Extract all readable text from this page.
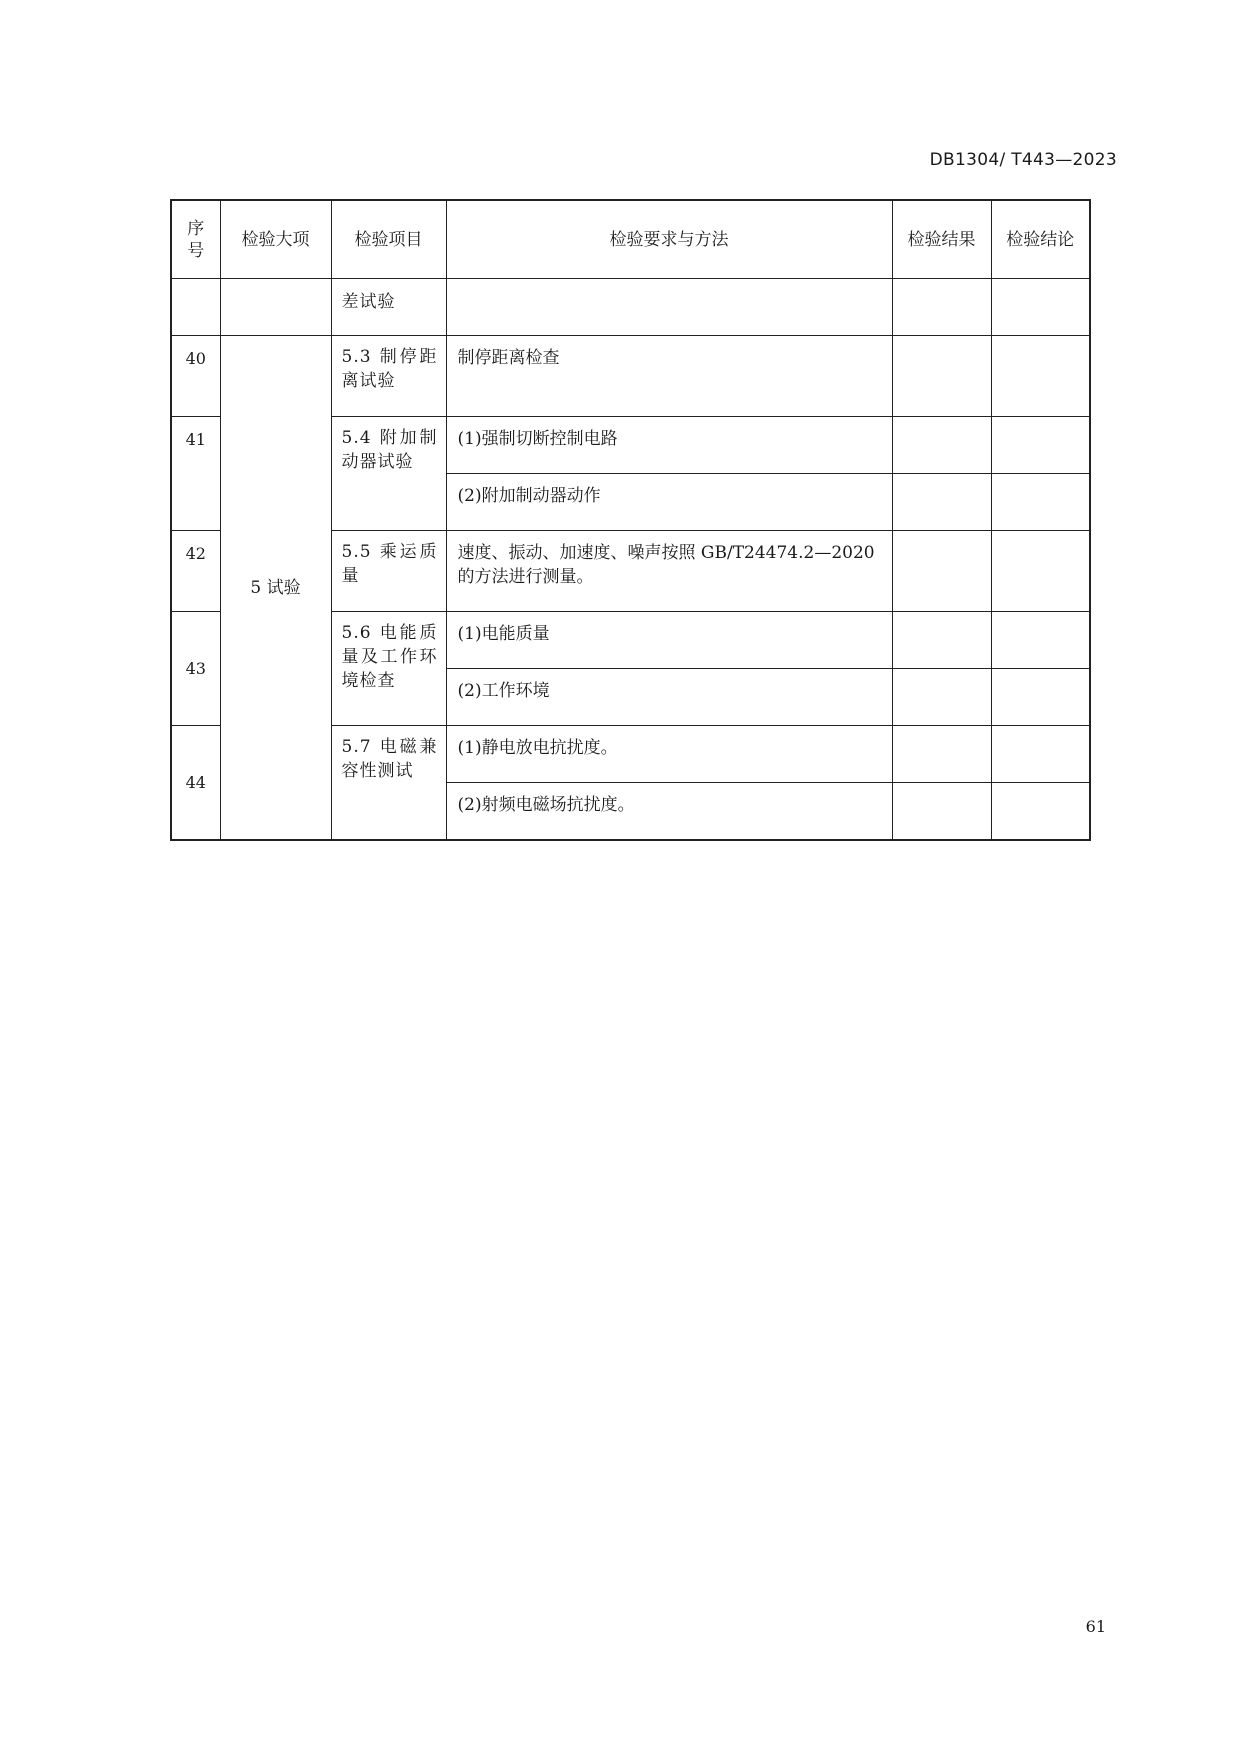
DB1304/ T443—2023
序
号	检验大项	检验项目	检验要求与方法	检验结果	检验结论
		差试验			
40	5 试验	5.3 制停距离试验	制停距离检查		
41		5.4 附加制动器试验	(1)强制切断控制电路		
			(2)附加制动器动作		
42		5.5 乘运质量	速度、振动、加速度、噪声按照 GB/T24474.2—2020 的方法进行测量。		
43		5.6 电能质量及工作环境检查	(1)电能质量		
			(2)工作环境		
44		5.7 电磁兼容性测试	(1)静电放电抗扰度。		
			(2)射频电磁场抗扰度。		
61
